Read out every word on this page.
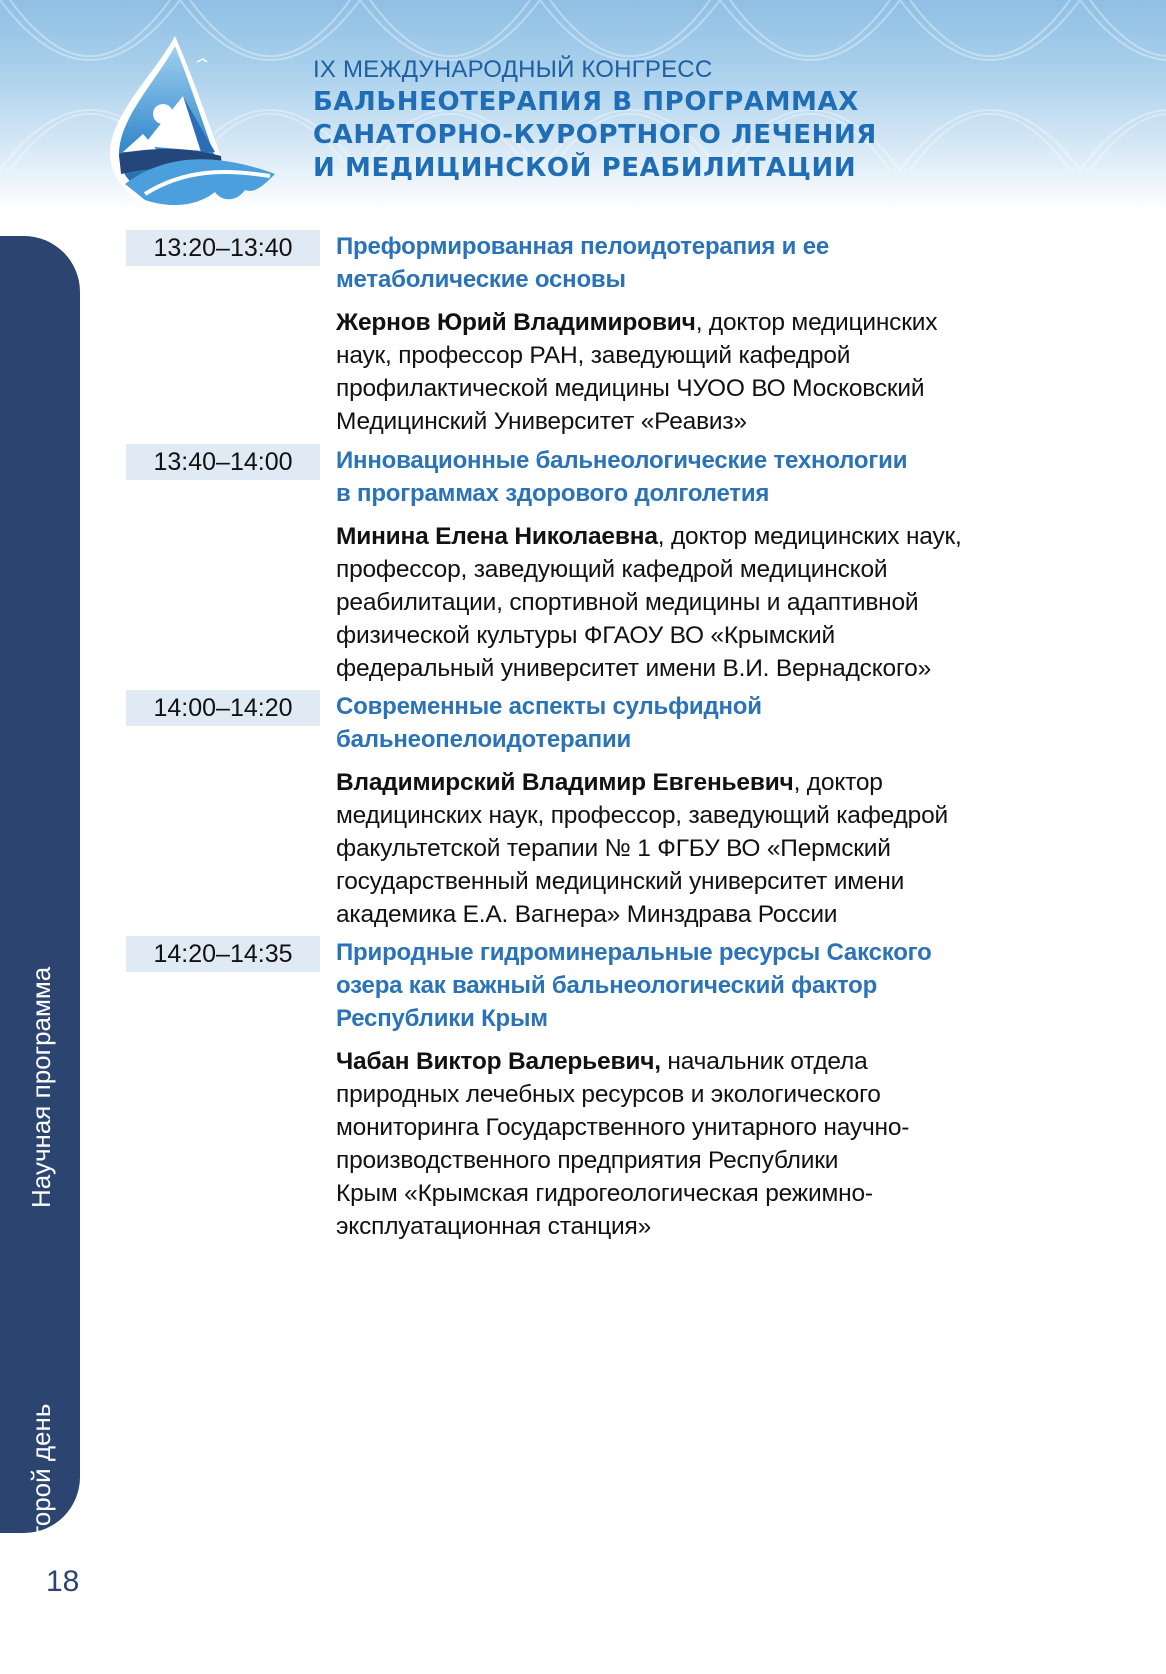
IX МЕЖДУНАРОДНЫЙ КОНГРЕСС
БАЛЬНЕОТЕРАПИЯ В ПРОГРАММАХ
САНАТОРНО-КУРОРТНОГО ЛЕЧЕНИЯ
И МЕДИЦИНСКОЙ РЕАБИЛИТАЦИИ
Научная программа
20 марта, второй день
18
13:20–13:40	Преформированная пелоидотерапия и ее
метаболические основы
Жернов Юрий Владимирович, доктор медицинских
наук, профессор РАН, заведующий кафедрой
профилактической медицины ЧУОО ВО Московский
Медицинский Университет «Реавиз»
13:40–14:00	Инновационные бальнеологические технологии
в программах здорового долголетия
Минина Елена Николаевна, доктор медицинских наук,
профессор, заведующий кафедрой медицинской
реабилитации, спортивной медицины и адаптивной
физической культуры ФГАОУ ВО «Крымский
федеральный университет имени В.И. Вернадского»
14:00–14:20	Современные аспекты сульфидной
бальнеопелоидотерапии
Владимирский Владимир Евгеньевич, доктор
медицинских наук, профессор, заведующий кафедрой
факультетской терапии № 1 ФГБУ ВО «Пермский
государственный медицинский университет имени
академика Е.А. Вагнера» Минздрава России
14:20–14:35	Природные гидроминеральные ресурсы Сакского
озера как важный бальнеологический фактор
Республики Крым
Чабан Виктор Валерьевич, начальник отдела
природных лечебных ресурсов и экологического
мониторинга Государственного унитарного научно-
производственного предприятия Республики
Крым «Крымская гидрогеологическая режимно-
эксплуатационная станция»
